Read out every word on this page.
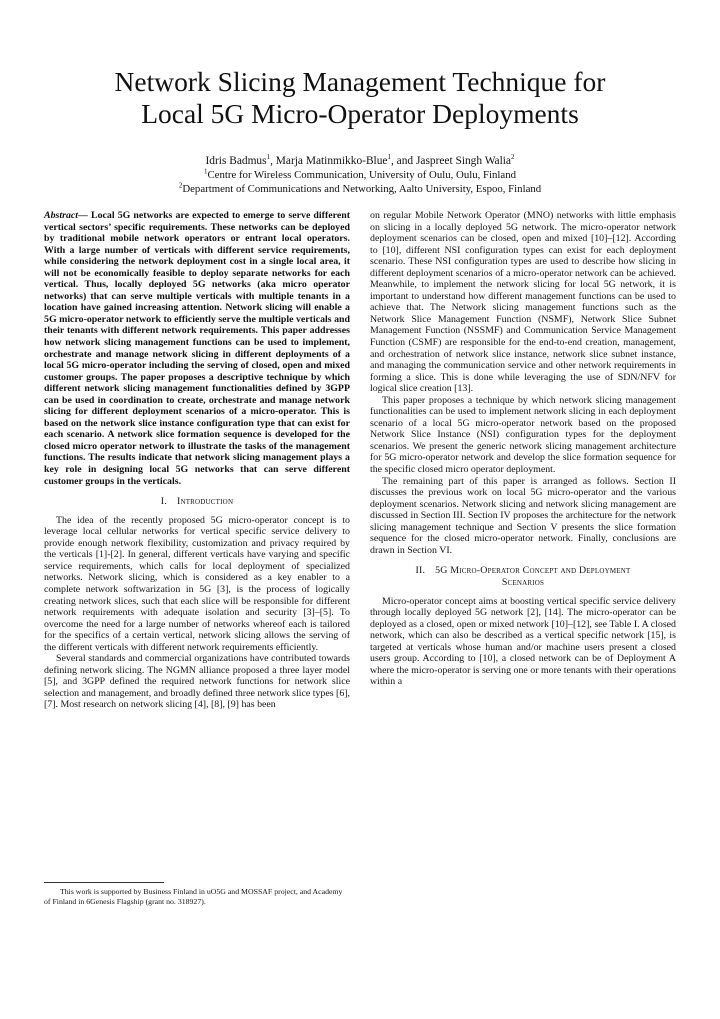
Network Slicing Management Technique for
Local 5G Micro-Operator Deployments
Idris Badmus$^1$, Marja Matinmikko-Blue$^1$, and Jaspreet Singh Walia$^2$
$^1$Centre for Wireless Communication, University of Oulu, Oulu, Finland
$^2$Department of Communications and Networking, Aalto University, Espoo, Finland

Abstract— Local 5G networks are expected to emerge to serve different vertical sectors’ specific requirements. These networks can be deployed by traditional mobile network operators or entrant local operators. With a large number of verticals with different service requirements, while considering the network deployment cost in a single local area, it will not be economically feasible to deploy separate networks for each vertical. Thus, locally deployed 5G networks (aka micro operator networks) that can serve multiple verticals with multiple tenants in a location have gained increasing attention. Network slicing will enable a 5G micro-operator network to efficiently serve the multiple verticals and their tenants with different network requirements. This paper addresses how network slicing management functions can be used to implement, orchestrate and manage network slicing in different deployments of a local 5G micro-operator including the serving of closed, open and mixed customer groups. The paper proposes a descriptive technique by which different network slicing management functionalities defined by 3GPP can be used in coordination to create, orchestrate and manage network slicing for different deployment scenarios of a micro-operator. This is based on the network slice instance configuration type that can exist for each scenario. A network slice formation sequence is developed for the closed micro operator network to illustrate the tasks of the management functions. The results indicate that network slicing management plays a key role in designing local 5G networks that can serve different customer groups in the verticals.

I. Introduction

The idea of the recently proposed 5G micro-operator concept is to leverage local cellular networks for vertical specific service delivery to provide enough network flexibility, customization and privacy required by the verticals [1]-[2]. In general, different verticals have varying and specific service requirements, which calls for local deployment of specialized networks. Network slicing, which is considered as a key enabler to a complete network softwarization in 5G [3], is the process of logically creating network slices, such that each slice will be responsible for different network requirements with adequate isolation and security [3]–[5]. To overcome the need for a large number of networks whereof each is tailored for the specifics of a certain vertical, network slicing allows the serving of the different verticals with different network requirements efficiently.

Several standards and commercial organizations have contributed towards defining network slicing. The NGMN alliance proposed a three layer model [5], and 3GPP defined the required network functions for network slice selection and management, and broadly defined three network slice types [6], [7]. Most research on network slicing [4], [8], [9] has been

on regular Mobile Network Operator (MNO) networks with little emphasis on slicing in a locally deployed 5G network. The micro-operator network deployment scenarios can be closed, open and mixed [10]–[12]. According to [10], different NSI configuration types can exist for each deployment scenario. These NSI configuration types are used to describe how slicing in different deployment scenarios of a micro-operator network can be achieved. Meanwhile, to implement the network slicing for local 5G network, it is important to understand how different management functions can be used to achieve that. The Network slicing management functions such as the Network Slice Management Function (NSMF), Network Slice Subnet Management Function (NSSMF) and Communication Service Management Function (CSMF) are responsible for the end-to-end creation, management, and orchestration of network slice instance, network slice subnet instance, and managing the communication service and other network requirements in forming a slice. This is done while leveraging the use of SDN/NFV for logical slice creation [13].

This paper proposes a technique by which network slicing management functionalities can be used to implement network slicing in each deployment scenario of a local 5G micro-operator network based on the proposed Network Slice Instance (NSI) configuration types for the deployment scenarios. We present the generic network slicing management architecture for 5G micro-operator network and develop the slice formation sequence for the specific closed micro operator deployment.

The remaining part of this paper is arranged as follows. Section II discusses the previous work on local 5G micro-operator and the various deployment scenarios. Network slicing and network slicing management are discussed in Section III. Section IV proposes the architecture for the network slicing management technique and Section V presents the slice formation sequence for the closed micro-operator network. Finally, conclusions are drawn in Section VI.

II. 5G Micro-Operator Concept and Deployment
Scenarios

Micro-operator concept aims at boosting vertical specific service delivery through locally deployed 5G network [2], [14]. The micro-operator can be deployed as a closed, open or mixed network [10]–[12], see Table I. A closed network, which can also be described as a vertical specific network [15], is targeted at verticals whose human and/or machine users present a closed users group. According to [10], a closed network can be of Deployment A where the micro-operator is serving one or more tenants with their operations within a

This work is supported by Business Finland in uO5G and MOSSAF project, and Academy of Finland in 6Genesis Flagship (grant no. 318927).
